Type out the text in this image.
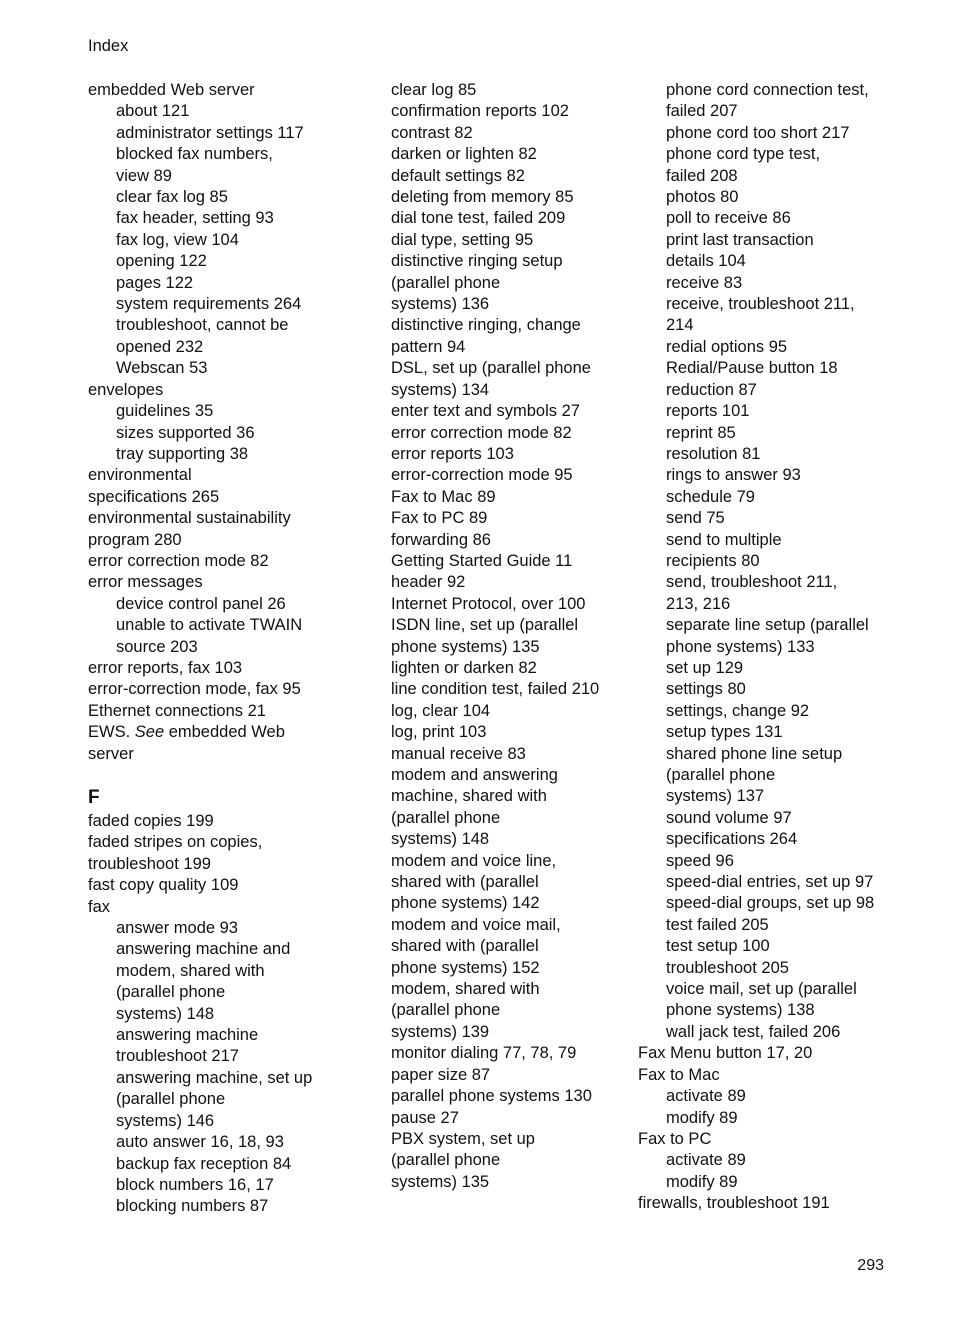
Index
embedded Web server
about 121
administrator settings 117
blocked fax numbers,
view 89
clear fax log 85
fax header, setting 93
fax log, view 104
opening 122
pages 122
system requirements 264
troubleshoot, cannot be
opened 232
Webscan 53
envelopes
guidelines 35
sizes supported 36
tray supporting 38
environmental
specifications 265
environmental sustainability
program 280
error correction mode 82
error messages
device control panel 26
unable to activate TWAIN
source 203
error reports, fax 103
error-correction mode, fax 95
Ethernet connections 21
EWS. See embedded Web
server
F
faded copies 199
faded stripes on copies,
troubleshoot 199
fast copy quality 109
fax
answer mode 93
answering machine and
modem, shared with
(parallel phone
systems) 148
answering machine
troubleshoot 217
answering machine, set up
(parallel phone
systems) 146
auto answer 16, 18, 93
backup fax reception 84
block numbers 16, 17
blocking numbers 87
clear log 85
confirmation reports 102
contrast 82
darken or lighten 82
default settings 82
deleting from memory 85
dial tone test, failed 209
dial type, setting 95
distinctive ringing setup
(parallel phone
systems) 136
distinctive ringing, change
pattern 94
DSL, set up (parallel phone
systems) 134
enter text and symbols 27
error correction mode 82
error reports 103
error-correction mode 95
Fax to Mac 89
Fax to PC 89
forwarding 86
Getting Started Guide 11
header 92
Internet Protocol, over 100
ISDN line, set up (parallel
phone systems) 135
lighten or darken 82
line condition test, failed 210
log, clear 104
log, print 103
manual receive 83
modem and answering
machine, shared with
(parallel phone
systems) 148
modem and voice line,
shared with (parallel
phone systems) 142
modem and voice mail,
shared with (parallel
phone systems) 152
modem, shared with
(parallel phone
systems) 139
monitor dialing 77, 78, 79
paper size 87
parallel phone systems 130
pause 27
PBX system, set up
(parallel phone
systems) 135
phone cord connection test,
failed 207
phone cord too short 217
phone cord type test,
failed 208
photos 80
poll to receive 86
print last transaction
details 104
receive 83
receive, troubleshoot 211,
214
redial options 95
Redial/Pause button 18
reduction 87
reports 101
reprint 85
resolution 81
rings to answer 93
schedule 79
send 75
send to multiple
recipients 80
send, troubleshoot 211,
213, 216
separate line setup (parallel
phone systems) 133
set up 129
settings 80
settings, change 92
setup types 131
shared phone line setup
(parallel phone
systems) 137
sound volume 97
specifications 264
speed 96
speed-dial entries, set up 97
speed-dial groups, set up 98
test failed 205
test setup 100
troubleshoot 205
voice mail, set up (parallel
phone systems) 138
wall jack test, failed 206
Fax Menu button 17, 20
Fax to Mac
activate 89
modify 89
Fax to PC
activate 89
modify 89
firewalls, troubleshoot 191
293
